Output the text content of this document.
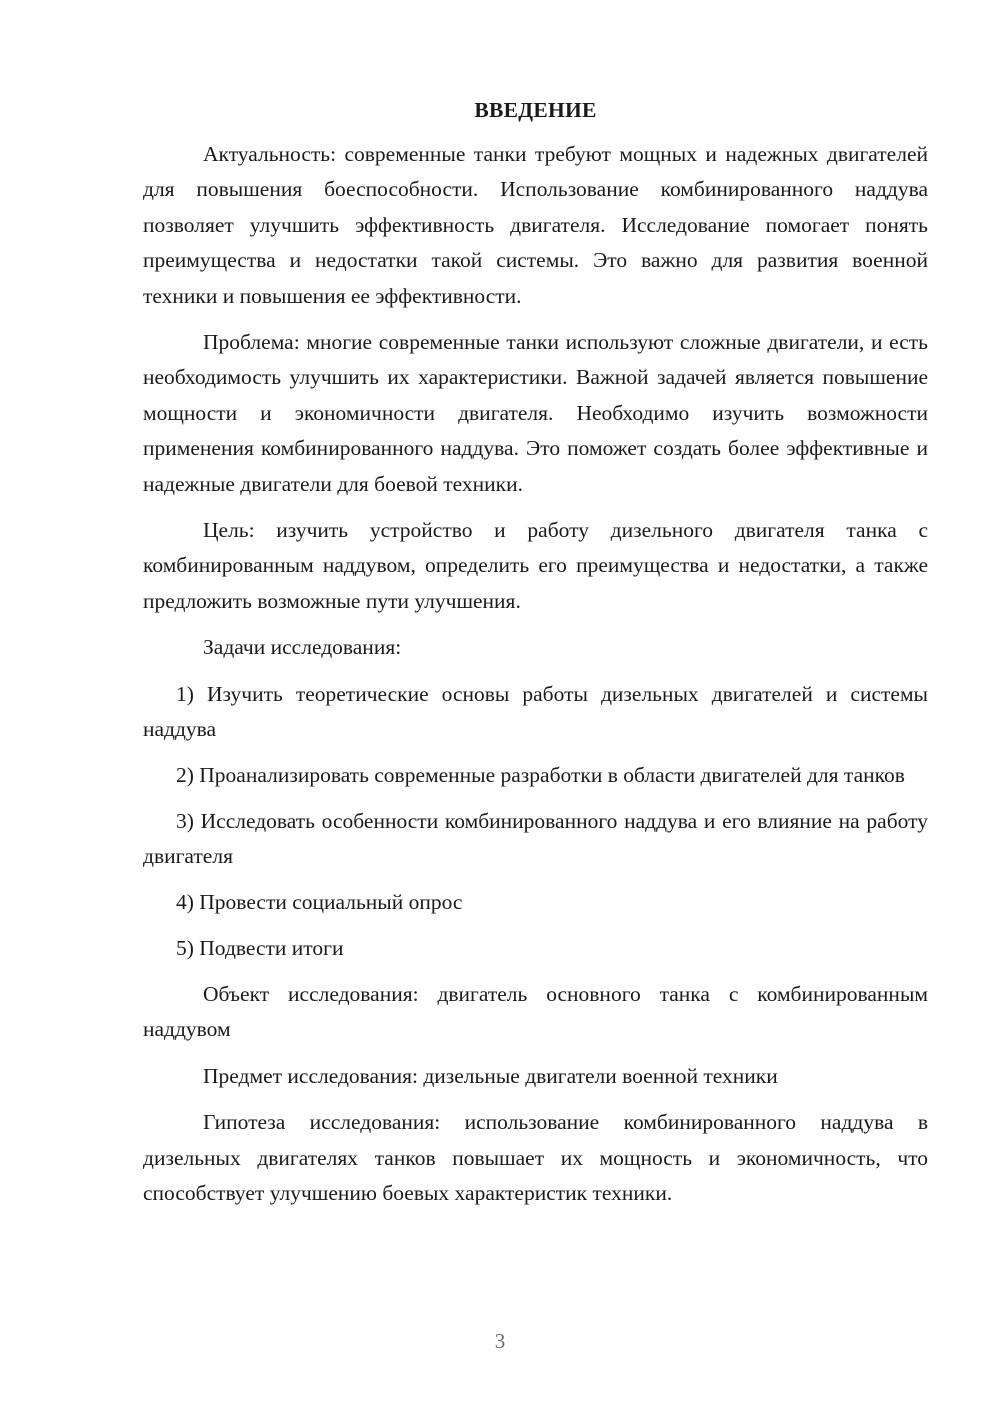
ВВЕДЕНИЕ

Актуальность: современные танки требуют мощных и надежных двигателей для повышения боеспособности. Использование комбинированного наддува позволяет улучшить эффективность двигателя. Исследование помогает понять преимущества и недостатки такой системы. Это важно для развития военной техники и повышения ее эффективности.

Проблема: многие современные танки используют сложные двигатели, и есть необходимость улучшить их характеристики. Важной задачей является повышение мощности и экономичности двигателя. Необходимо изучить возможности применения комбинированного наддува. Это поможет создать более эффективные и надежные двигатели для боевой техники.

Цель: изучить устройство и работу дизельного двигателя танка с комбинированным наддувом, определить его преимущества и недостатки, а также предложить возможные пути улучшения.

Задачи исследования:

1) Изучить теоретические основы работы дизельных двигателей и системы наддува

2) Проанализировать современные разработки в области двигателей для танков

3) Исследовать особенности комбинированного наддува и его влияние на работу двигателя

4) Провести социальный опрос

5) Подвести итоги

Объект исследования: двигатель основного танка с комбинированным наддувом

Предмет исследования: дизельные двигатели военной техники

Гипотеза исследования: использование комбинированного наддува в дизельных двигателях танков повышает их мощность и экономичность, что способствует улучшению боевых характеристик техники.

3
